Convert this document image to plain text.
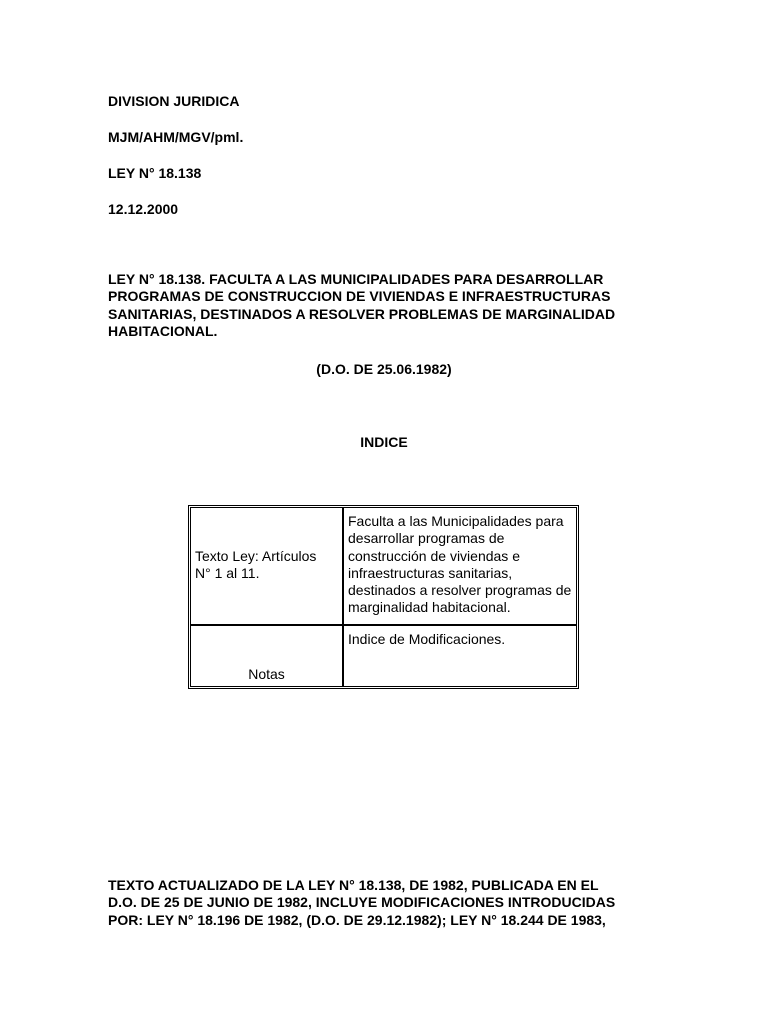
DIVISION JURIDICA
MJM/AHM/MGV/pml.
LEY N° 18.138
12.12.2000
LEY N° 18.138. FACULTA A LAS MUNICIPALIDADES PARA DESARROLLAR
PROGRAMAS DE CONSTRUCCION DE VIVIENDAS E INFRAESTRUCTURAS
SANITARIAS, DESTINADOS A RESOLVER PROBLEMAS DE MARGINALIDAD
HABITACIONAL.
(D.O. DE 25.06.1982)
INDICE
Texto Ley: Artículos N° 1 al 11.
Faculta a las Municipalidades para desarrollar programas de construcción de viviendas e infraestructuras sanitarias, destinados a resolver programas de marginalidad habitacional.
Notas
Indice de Modificaciones.
TEXTO ACTUALIZADO DE LA LEY N° 18.138, DE 1982, PUBLICADA EN EL
D.O. DE 25 DE JUNIO DE 1982, INCLUYE MODIFICACIONES INTRODUCIDAS
POR: LEY N° 18.196 DE 1982, (D.O. DE 29.12.1982); LEY N° 18.244 DE 1983,
